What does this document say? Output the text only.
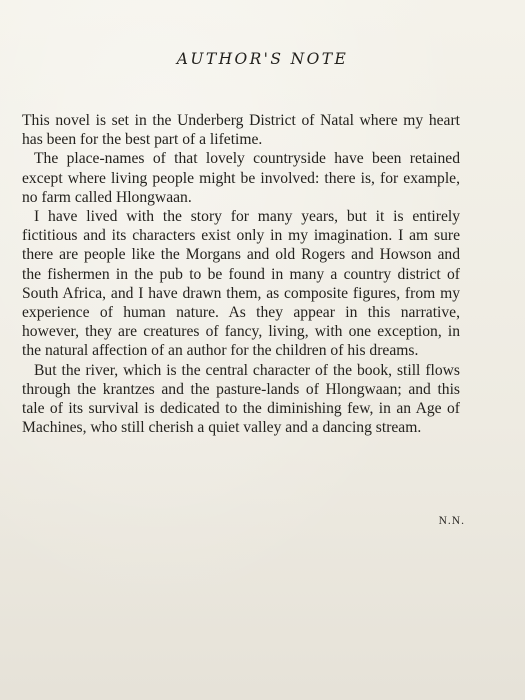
AUTHOR'S NOTE

This novel is set in the Underberg District of Natal where my heart has been for the best part of a lifetime.

The place-names of that lovely countryside have been retained except where living people might be involved: there is, for example, no farm called Hlongwaan.

I have lived with the story for many years, but it is entirely fictitious and its characters exist only in my imagination. I am sure there are people like the Morgans and old Rogers and Howson and the fishermen in the pub to be found in many a country district of South Africa, and I have drawn them, as composite figures, from my experience of human nature. As they appear in this narrative, however, they are creatures of fancy, living, with one exception, in the natural affection of an author for the children of his dreams.

But the river, which is the central character of the book, still flows through the krantzes and the pasture-lands of Hlongwaan; and this tale of its survival is dedicated to the diminishing few, in an Age of Machines, who still cherish a quiet valley and a dancing stream.

N.N.
